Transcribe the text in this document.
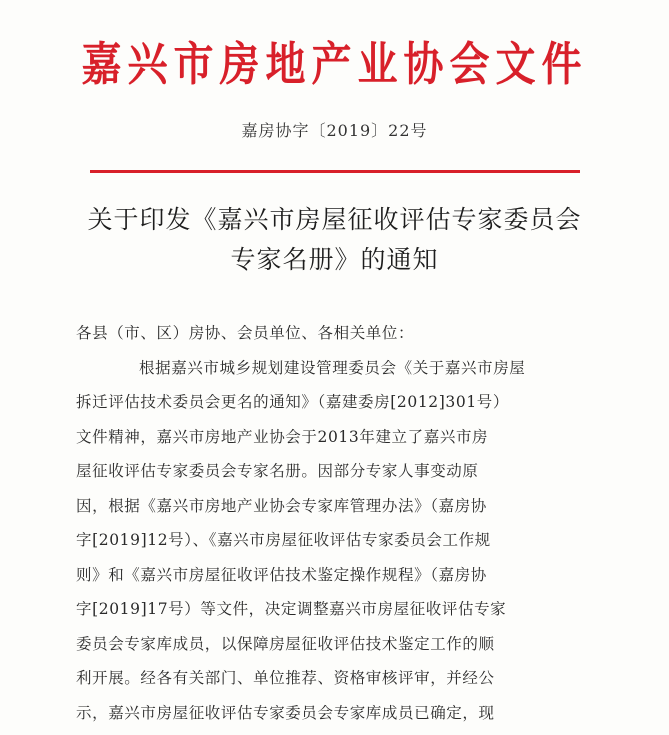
嘉兴市房地产业协会文件
嘉房协字〔2019〕22号
关于印发《嘉兴市房屋征收评估专家委员会
专家名册》的通知

各县（市、区）房协、会员单位、各相关单位：

根据嘉兴市城乡规划建设管理委员会《关于嘉兴市房屋
拆迁评估技术委员会更名的通知》（嘉建委房[2012]301号）
文件精神，嘉兴市房地产业协会于2013年建立了嘉兴市房
屋征收评估专家委员会专家名册。因部分专家人事变动原
因，根据《嘉兴市房地产业协会专家库管理办法》（嘉房协
字[2019]12号）、《嘉兴市房屋征收评估专家委员会工作规
则》和《嘉兴市房屋征收评估技术鉴定操作规程》（嘉房协
字[2019]17号）等文件，决定调整嘉兴市房屋征收评估专家
委员会专家库成员，以保障房屋征收评估技术鉴定工作的顺
利开展。经各有关部门、单位推荐、资格审核评审，并经公
示，嘉兴市房屋征收评估专家委员会专家库成员已确定，现
